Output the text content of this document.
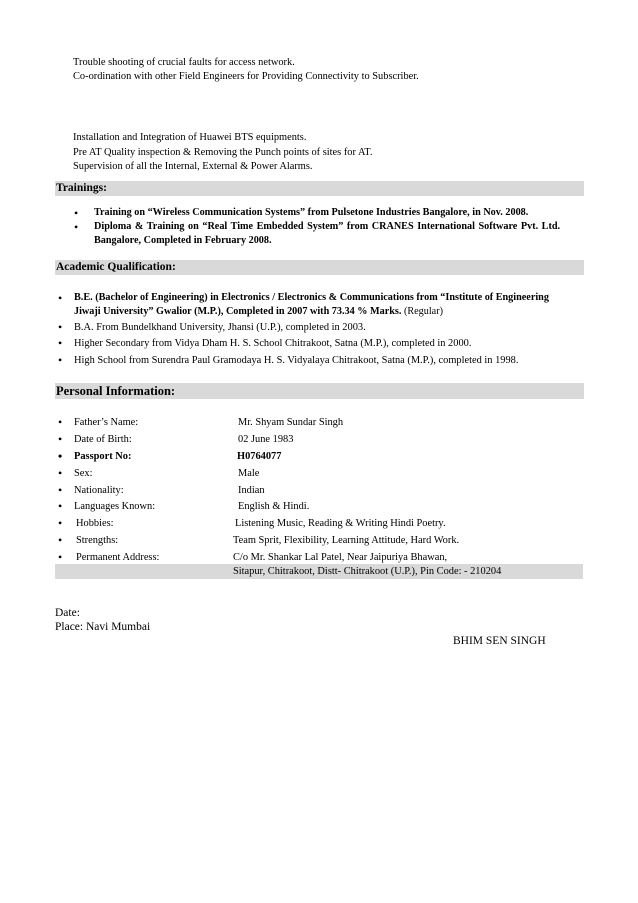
Trouble shooting of crucial faults for access network.
Co-ordination with other Field Engineers for Providing Connectivity to Subscriber.
Installation and Integration of Huawei BTS equipments.
Pre AT Quality inspection & Removing the Punch points of sites for AT.
Supervision of all the Internal, External & Power Alarms.
Trainings:
• Training on “Wireless Communication Systems” from Pulsetone Industries Bangalore, in Nov. 2008.
• Diploma & Training on “Real Time Embedded System” from CRANES International Software Pvt. Ltd.
Bangalore, Completed in February 2008.
Academic Qualification:
• B.E. (Bachelor of Engineering) in Electronics / Electronics & Communications from “Institute of Engineering
Jiwaji University” Gwalior (M.P.), Completed in 2007 with 73.34 % Marks. (Regular)
• B.A. From Bundelkhand University, Jhansi (U.P.), completed in 2003.
• Higher Secondary from Vidya Dham H. S. School Chitrakoot, Satna (M.P.), completed in 2000.
• High School from Surendra Paul Gramodaya H. S. Vidyalaya Chitrakoot, Satna (M.P.), completed in 1998.
Personal Information:
• Father’s Name:	Mr. Shyam Sundar Singh
• Date of Birth:	02 June 1983
• Passport No:	H0764077
• Sex:	Male
• Nationality:	Indian
• Languages Known:	English & Hindi.
• Hobbies:	Listening Music, Reading & Writing Hindi Poetry.
• Strengths:	Team Sprit, Flexibility, Learning Attitude, Hard Work.
• Permanent Address:	C/o Mr. Shankar Lal Patel, Near Jaipuriya Bhawan,
Sitapur, Chitrakoot, Distt- Chitrakoot (U.P.), Pin Code: - 210204
Date:
Place: Navi Mumbai
BHIM SEN SINGH
